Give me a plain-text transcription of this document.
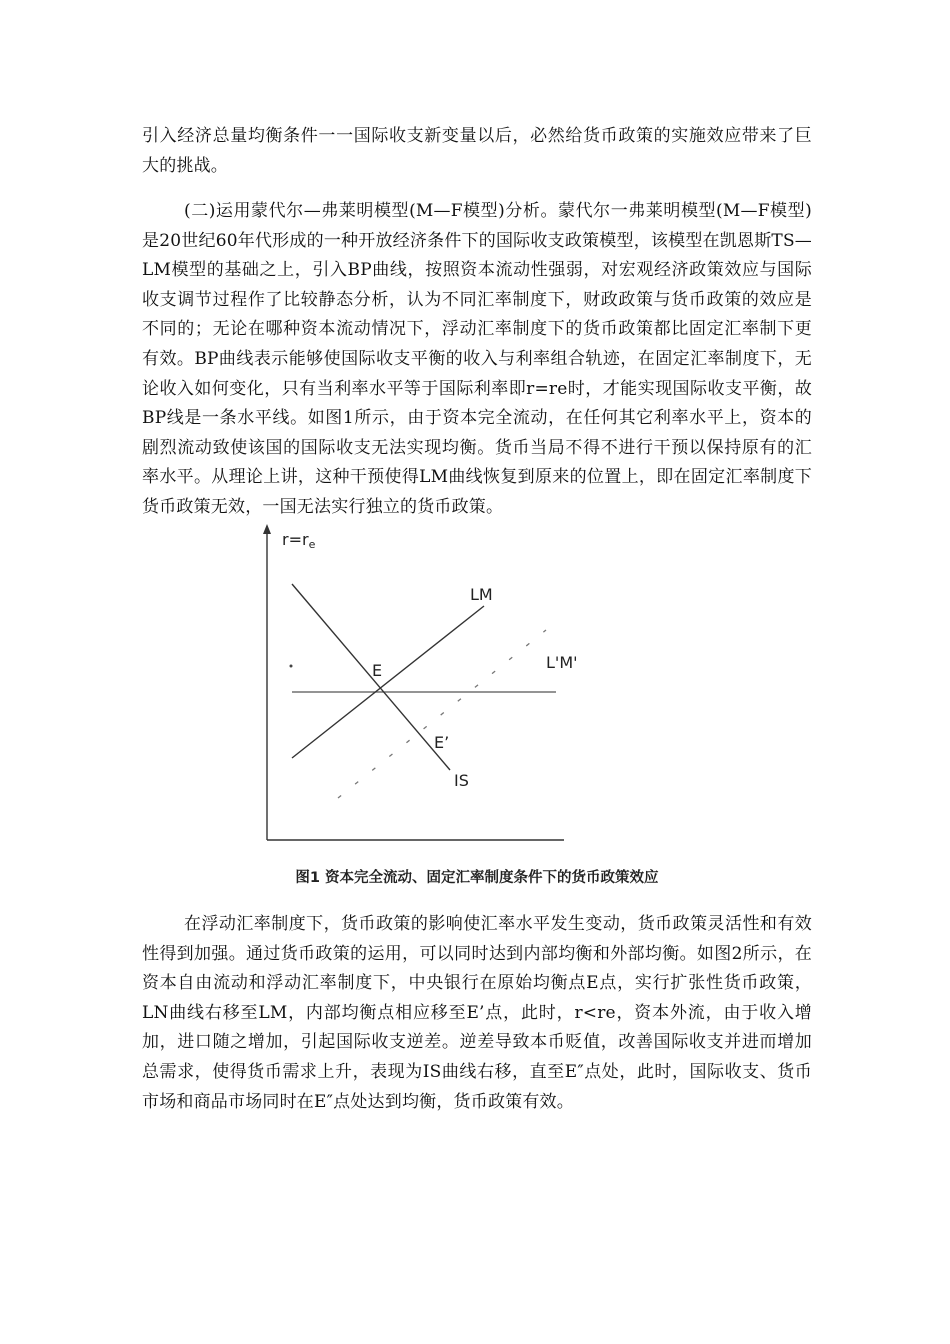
引入经济总量均衡条件一一国际收支新变量以后，必然给货币政策的实施效应带来了巨大的挑战。

(二)运用蒙代尔—弗莱明模型(M—F模型)分析。蒙代尔一弗莱明模型(M—F模型)是20世纪60年代形成的一种开放经济条件下的国际收支政策模型，该模型在凯恩斯TS—LM模型的基础之上，引入BP曲线，按照资本流动性强弱，对宏观经济政策效应与国际收支调节过程作了比较静态分析，认为不同汇率制度下，财政政策与货币政策的效应是不同的；无论在哪种资本流动情况下，浮动汇率制度下的货币政策都比固定汇率制下更有效。BP曲线表示能够使国际收支平衡的收入与利率组合轨迹，在固定汇率制度下，无论收入如何变化，只有当利率水平等于国际利率即r=re时，才能实现国际收支平衡，故BP线是一条水平线。如图1所示，由于资本完全流动，在任何其它利率水平上，资本的剧烈流动致使该国的国际收支无法实现均衡。货币当局不得不进行干预以保持原有的汇率水平。从理论上讲，这种干预使得LM曲线恢复到原来的位置上，即在固定汇率制度下货币政策无效，一国无法实行独立的货币政策。

r=re
LM
L'M'
E
E’
IS

图1 资本完全流动、固定汇率制度条件下的货币政策效应

在浮动汇率制度下，货币政策的影响使汇率水平发生变动，货币政策灵活性和有效性得到加强。通过货币政策的运用，可以同时达到内部均衡和外部均衡。如图2所示，在资本自由流动和浮动汇率制度下，中央银行在原始均衡点E点，实行扩张性货币政策，LN曲线右移至LM，内部均衡点相应移至E’点，此时，r<re，资本外流，由于收入增加，进口随之增加，引起国际收支逆差。逆差导致本币贬值，改善国际收支并进而增加总需求，使得货币需求上升，表现为IS曲线右移，直至E″点处，此时，国际收支、货币市场和商品市场同时在E″点处达到均衡，货币政策有效。
